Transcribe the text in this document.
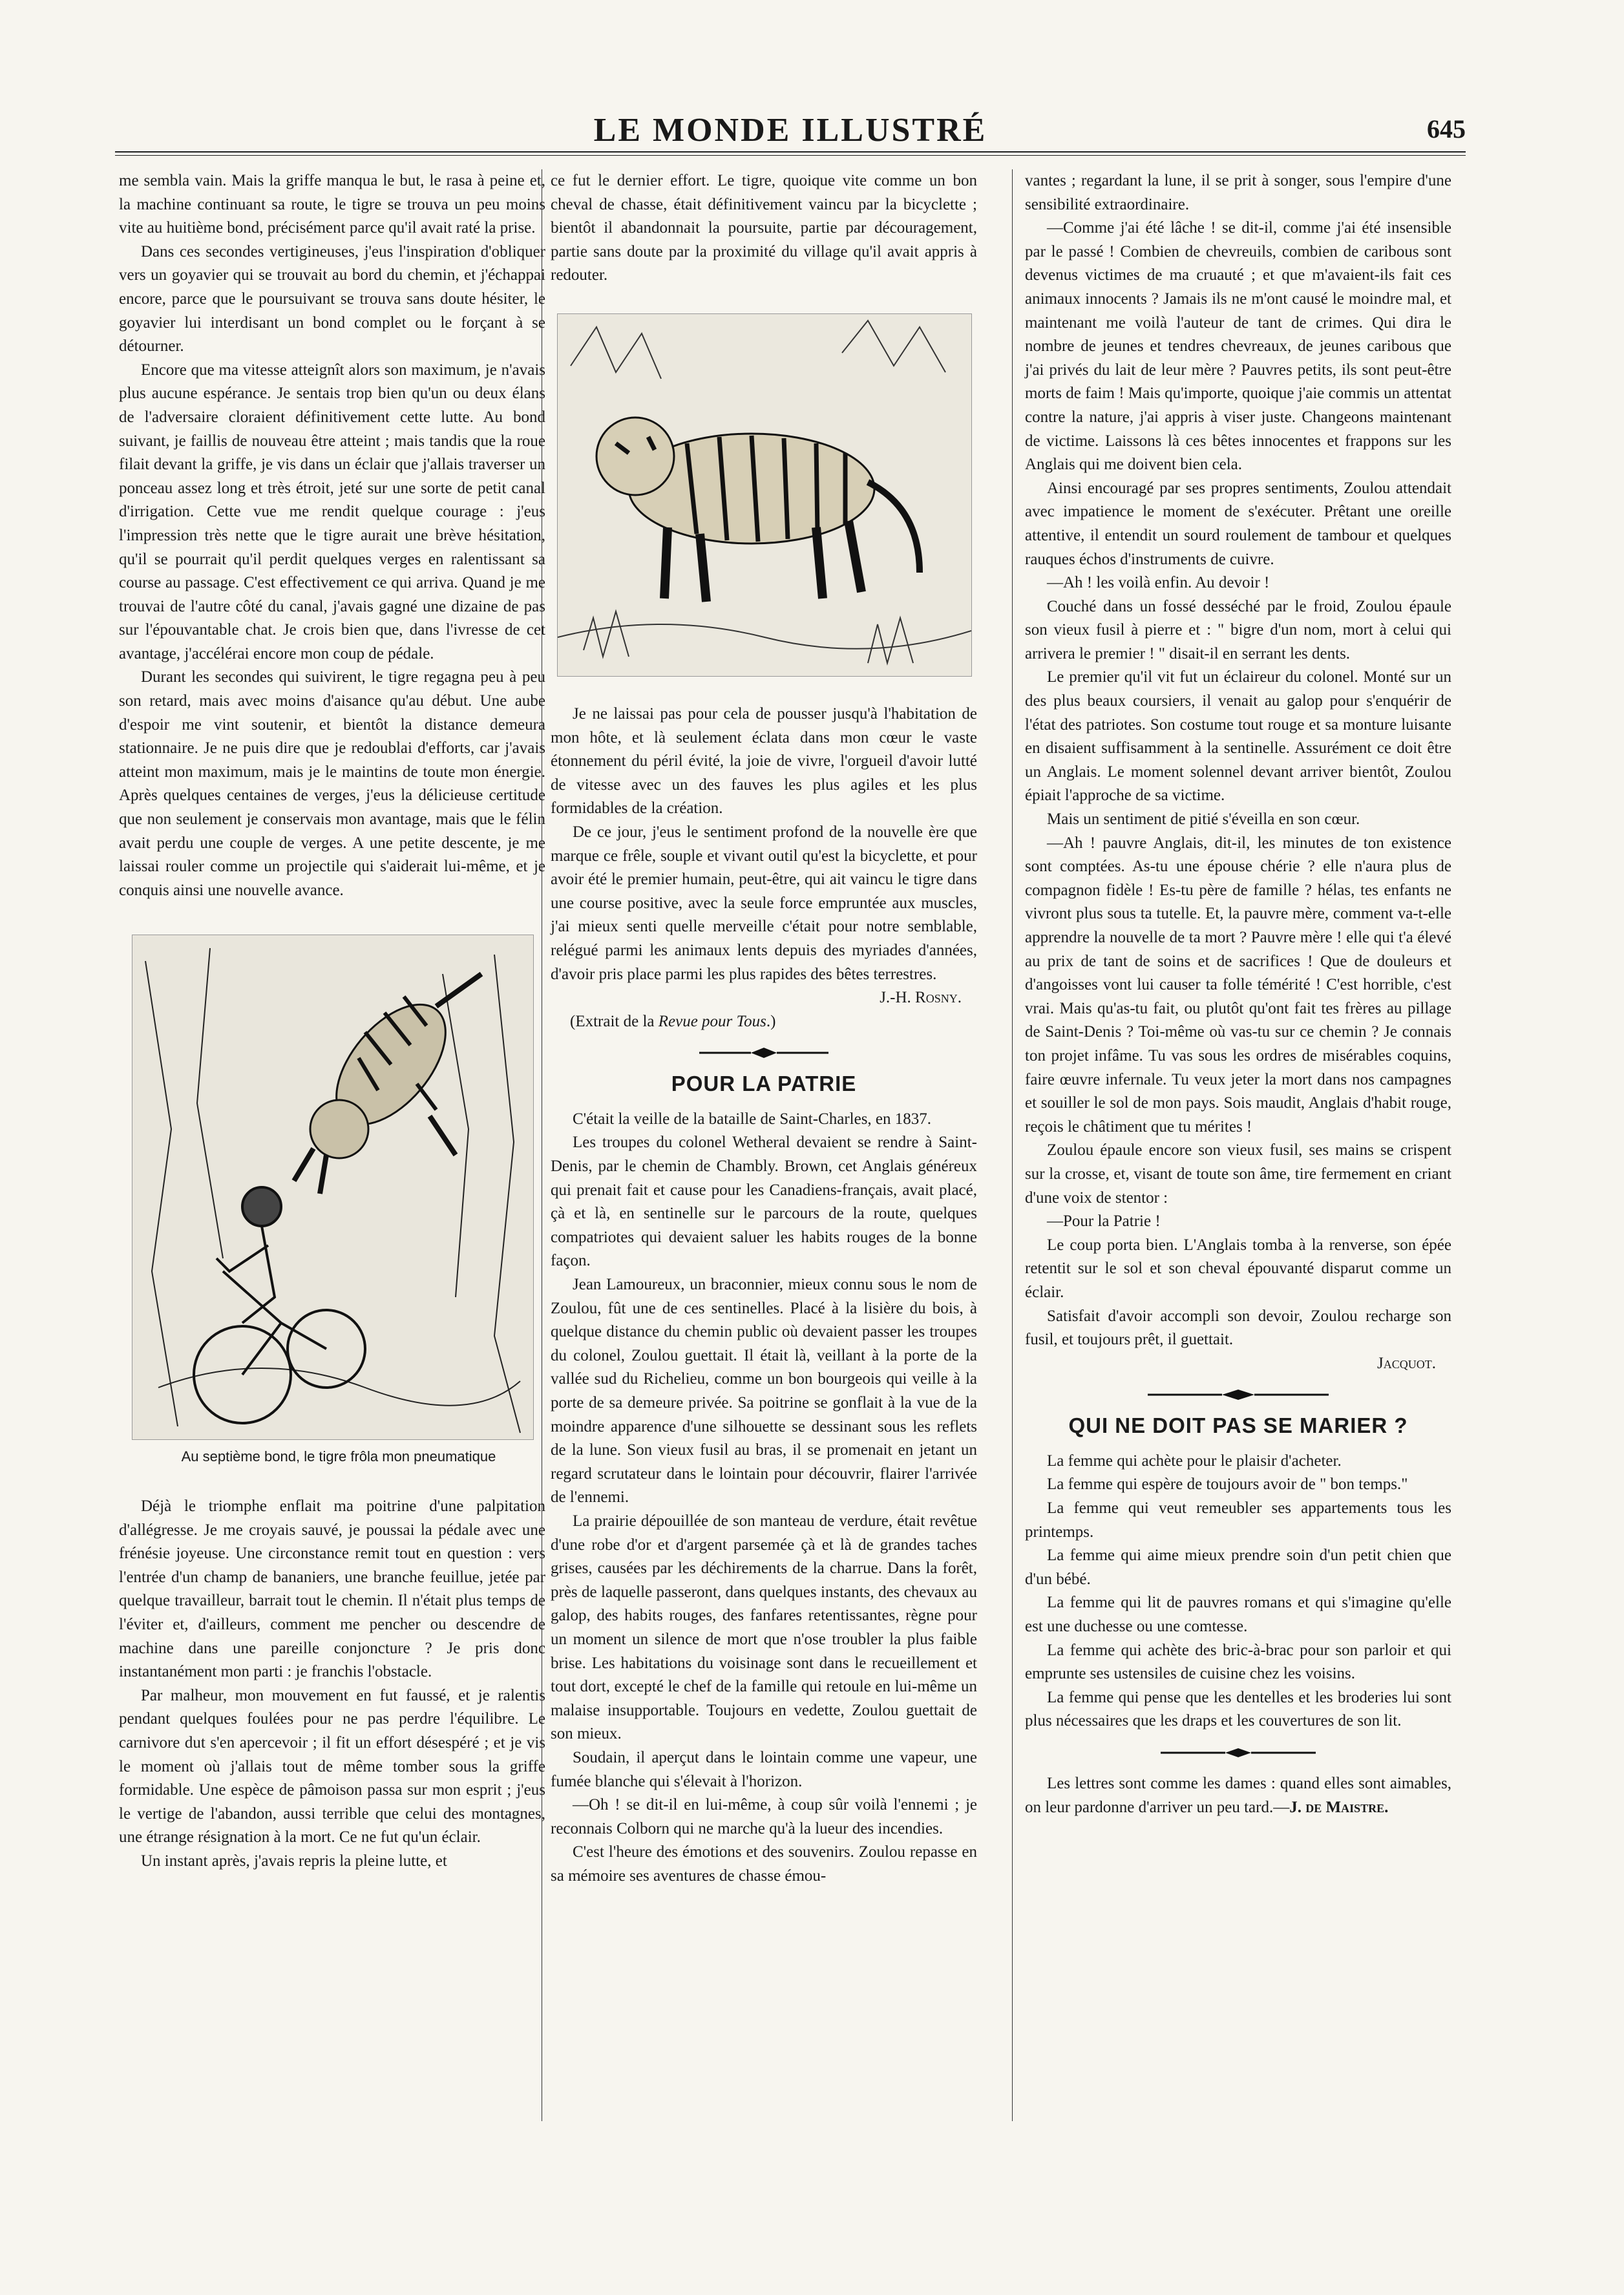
LE MONDE ILLUSTRÉ	645

me sembla vain. Mais la griffe manqua le but, le rasa à peine et, la machine continuant sa route, le tigre se trouva un peu moins vite au huitième bond, précisément parce qu'il avait raté la prise.

Dans ces secondes vertigineuses, j'eus l'inspiration d'obliquer vers un goyavier qui se trouvait au bord du chemin, et j'échappai encore, parce que le poursuivant se trouva sans doute hésiter, le goyavier lui interdisant un bond complet ou le forçant à se détourner.

Encore que ma vitesse atteignît alors son maximum, je n'avais plus aucune espérance. Je sentais trop bien qu'un ou deux élans de l'adversaire cloraient définitivement cette lutte. Au bond suivant, je faillis de nouveau être atteint ; mais tandis que la roue filait devant la griffe, je vis dans un éclair que j'allais traverser un ponceau assez long et très étroit, jeté sur une sorte de petit canal d'irrigation. Cette vue me rendit quelque courage : j'eus l'impression très nette que le tigre aurait une brève hésitation, qu'il se pourrait qu'il perdit quelques verges en ralentissant sa course au passage. C'est effectivement ce qui arriva. Quand je me trouvai de l'autre côté du canal, j'avais gagné une dizaine de pas sur l'épouvantable chat. Je crois bien que, dans l'ivresse de cet avantage, j'accélérai encore mon coup de pédale.

Durant les secondes qui suivirent, le tigre regagna peu à peu son retard, mais avec moins d'aisance qu'au début. Une aube d'espoir me vint soutenir, et bientôt la distance demeura stationnaire. Je ne puis dire que je redoublai d'efforts, car j'avais atteint mon maximum, mais je le maintins de toute mon énergie. Après quelques centaines de verges, j'eus la délicieuse certitude que non seulement je conservais mon avantage, mais que le félin avait perdu une couple de verges. A une petite descente, je me laissai rouler comme un projectile qui s'aiderait lui-même, et je conquis ainsi une nouvelle avance.

Au septième bond, le tigre frôla mon pneumatique

Déjà le triomphe enflait ma poitrine d'une palpitation d'allégresse. Je me croyais sauvé, je poussai la pédale avec une frénésie joyeuse. Une circonstance remit tout en question : vers l'entrée d'un champ de bananiers, une branche feuillue, jetée par quelque travailleur, barrait tout le chemin. Il n'était plus temps de l'éviter et, d'ailleurs, comment me pencher ou descendre de machine dans une pareille conjoncture ? Je pris donc instantanément mon parti : je franchis l'obstacle.

Par malheur, mon mouvement en fut faussé, et je ralentis pendant quelques foulées pour ne pas perdre l'équilibre. Le carnivore dut s'en apercevoir ; il fit un effort désespéré ; et je vis le moment où j'allais tout de même tomber sous la griffe formidable. Une espèce de pâmoison passa sur mon esprit ; j'eus le vertige de l'abandon, aussi terrible que celui des montagnes, une étrange résignation à la mort. Ce ne fut qu'un éclair.

Un instant après, j'avais repris la pleine lutte, et

ce fut le dernier effort. Le tigre, quoique vite comme un bon cheval de chasse, était définitivement vaincu par la bicyclette ; bientôt il abandonnait la poursuite, partie par découragement, partie sans doute par la proximité du village qu'il avait appris à redouter.

Je ne laissai pas pour cela de pousser jusqu'à l'habitation de mon hôte, et là seulement éclata dans mon cœur le vaste étonnement du péril évité, la joie de vivre, l'orgueil d'avoir lutté de vitesse avec un des fauves les plus agiles et les plus formidables de la création.

De ce jour, j'eus le sentiment profond de la nouvelle ère que marque ce frêle, souple et vivant outil qu'est la bicyclette, et pour avoir été le premier humain, peut-être, qui ait vaincu le tigre dans une course positive, avec la seule force empruntée aux muscles, j'ai mieux senti quelle merveille c'était pour notre semblable, relégué parmi les animaux lents depuis des myriades d'années, d'avoir pris place parmi les plus rapides des bêtes terrestres.

J.-H. Rosny.

(Extrait de la Revue pour Tous.)

POUR LA PATRIE

C'était la veille de la bataille de Saint-Charles, en 1837.

Les troupes du colonel Wetheral devaient se rendre à Saint-Denis, par le chemin de Chambly. Brown, cet Anglais généreux qui prenait fait et cause pour les Canadiens-français, avait placé, çà et là, en sentinelle sur le parcours de la route, quelques compatriotes qui devaient saluer les habits rouges de la bonne façon.

Jean Lamoureux, un braconnier, mieux connu sous le nom de Zoulou, fût une de ces sentinelles. Placé à la lisière du bois, à quelque distance du chemin public où devaient passer les troupes du colonel, Zoulou guettait. Il était là, veillant à la porte de la vallée sud du Richelieu, comme un bon bourgeois qui veille à la porte de sa demeure privée. Sa poitrine se gonflait à la vue de la moindre apparence d'une silhouette se dessinant sous les reflets de la lune. Son vieux fusil au bras, il se promenait en jetant un regard scrutateur dans le lointain pour découvrir, flairer l'arrivée de l'ennemi.

La prairie dépouillée de son manteau de verdure, était revêtue d'une robe d'or et d'argent parsemée çà et là de grandes taches grises, causées par les déchirements de la charrue. Dans la forêt, près de laquelle passeront, dans quelques instants, des chevaux au galop, des habits rouges, des fanfares retentissantes, règne pour un moment un silence de mort que n'ose troubler la plus faible brise. Les habitations du voisinage sont dans le recueillement et tout dort, excepté le chef de la famille qui retoule en lui-même un malaise insupportable. Toujours en vedette, Zoulou guettait de son mieux.

Soudain, il aperçut dans le lointain comme une vapeur, une fumée blanche qui s'élevait à l'horizon.

—Oh ! se dit-il en lui-même, à coup sûr voilà l'ennemi ; je reconnais Colborn qui ne marche qu'à la lueur des incendies.

C'est l'heure des émotions et des souvenirs. Zoulou repasse en sa mémoire ses aventures de chasse émou-

vantes ; regardant la lune, il se prit à songer, sous l'empire d'une sensibilité extraordinaire.

—Comme j'ai été lâche ! se dit-il, comme j'ai été insensible par le passé ! Combien de chevreuils, combien de caribous sont devenus victimes de ma cruauté ; et que m'avaient-ils fait ces animaux innocents ? Jamais ils ne m'ont causé le moindre mal, et maintenant me voilà l'auteur de tant de crimes. Qui dira le nombre de jeunes et tendres chevreaux, de jeunes caribous que j'ai privés du lait de leur mère ? Pauvres petits, ils sont peut-être morts de faim ! Mais qu'importe, quoique j'aie commis un attentat contre la nature, j'ai appris à viser juste. Changeons maintenant de victime. Laissons là ces bêtes innocentes et frappons sur les Anglais qui me doivent bien cela.

Ainsi encouragé par ses propres sentiments, Zoulou attendait avec impatience le moment de s'exécuter. Prêtant une oreille attentive, il entendit un sourd roulement de tambour et quelques rauques échos d'instruments de cuivre.

—Ah ! les voilà enfin. Au devoir !

Couché dans un fossé desséché par le froid, Zoulou épaule son vieux fusil à pierre et : " bigre d'un nom, mort à celui qui arrivera le premier ! " disait-il en serrant les dents.

Le premier qu'il vit fut un éclaireur du colonel. Monté sur un des plus beaux coursiers, il venait au galop pour s'enquérir de l'état des patriotes. Son costume tout rouge et sa monture luisante en disaient suffisamment à la sentinelle. Assurément ce doit être un Anglais. Le moment solennel devant arriver bientôt, Zoulou épiait l'approche de sa victime.

Mais un sentiment de pitié s'éveilla en son cœur.

—Ah ! pauvre Anglais, dit-il, les minutes de ton existence sont comptées. As-tu une épouse chérie ? elle n'aura plus de compagnon fidèle ! Es-tu père de famille ? hélas, tes enfants ne vivront plus sous ta tutelle. Et, la pauvre mère, comment va-t-elle apprendre la nouvelle de ta mort ? Pauvre mère ! elle qui t'a élevé au prix de tant de soins et de sacrifices ! Que de douleurs et d'angoisses vont lui causer ta folle témérité ! C'est horrible, c'est vrai. Mais qu'as-tu fait, ou plutôt qu'ont fait tes frères au pillage de Saint-Denis ? Toi-même où vas-tu sur ce chemin ? Je connais ton projet infâme. Tu vas sous les ordres de misérables coquins, faire œuvre infernale. Tu veux jeter la mort dans nos campagnes et souiller le sol de mon pays. Sois maudit, Anglais d'habit rouge, reçois le châtiment que tu mérites !

Zoulou épaule encore son vieux fusil, ses mains se crispent sur la crosse, et, visant de toute son âme, tire fermement en criant d'une voix de stentor :

—Pour la Patrie !

Le coup porta bien. L'Anglais tomba à la renverse, son épée retentit sur le sol et son cheval épouvanté disparut comme un éclair.

Satisfait d'avoir accompli son devoir, Zoulou recharge son fusil, et toujours prêt, il guettait.

Jacquot.
QUI NE DOIT PAS SE MARIER ?

La femme qui achète pour le plaisir d'acheter.

La femme qui espère de toujours avoir de " bon temps."

La femme qui veut remeubler ses appartements tous les printemps.

La femme qui aime mieux prendre soin d'un petit chien que d'un bébé.

La femme qui lit de pauvres romans et qui s'imagine qu'elle est une duchesse ou une comtesse.

La femme qui achète des bric-à-brac pour son parloir et qui emprunte ses ustensiles de cuisine chez les voisins.

La femme qui pense que les dentelles et les broderies lui sont plus nécessaires que les draps et les couvertures de son lit.

Les lettres sont comme les dames : quand elles sont aimables, on leur pardonne d'arriver un peu tard.—J. de Maistre.
